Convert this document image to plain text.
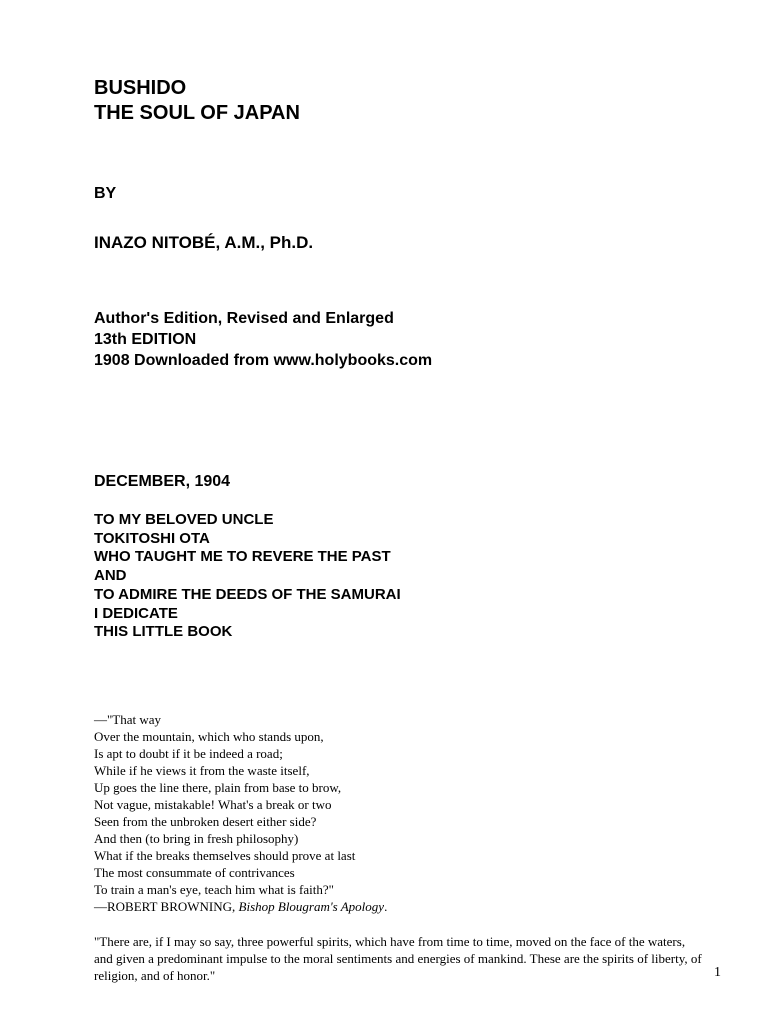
BUSHIDO
THE SOUL OF JAPAN
BY
INAZO NITOBÉ, A.M., Ph.D.
Author's Edition, Revised and Enlarged
13th EDITION
1908 Downloaded from www.holybooks.com
DECEMBER, 1904
TO MY BELOVED UNCLE
TOKITOSHI OTA
WHO TAUGHT ME TO REVERE THE PAST
AND
TO ADMIRE THE DEEDS OF THE SAMURAI
I DEDICATE
THIS LITTLE BOOK
—"That way
Over the mountain, which who stands upon,
Is apt to doubt if it be indeed a road;
While if he views it from the waste itself,
Up goes the line there, plain from base to brow,
Not vague, mistakable! What's a break or two
Seen from the unbroken desert either side?
And then (to bring in fresh philosophy)
What if the breaks themselves should prove at last
The most consummate of contrivances
To train a man's eye, teach him what is faith?"
—ROBERT BROWNING, Bishop Blougram's Apology.

"There are, if I may so say, three powerful spirits, which have from time to time, moved on the face of the waters, and given a predominant impulse to the moral sentiments and energies of mankind. These are the spirits of liberty, of religion, and of honor."	1
